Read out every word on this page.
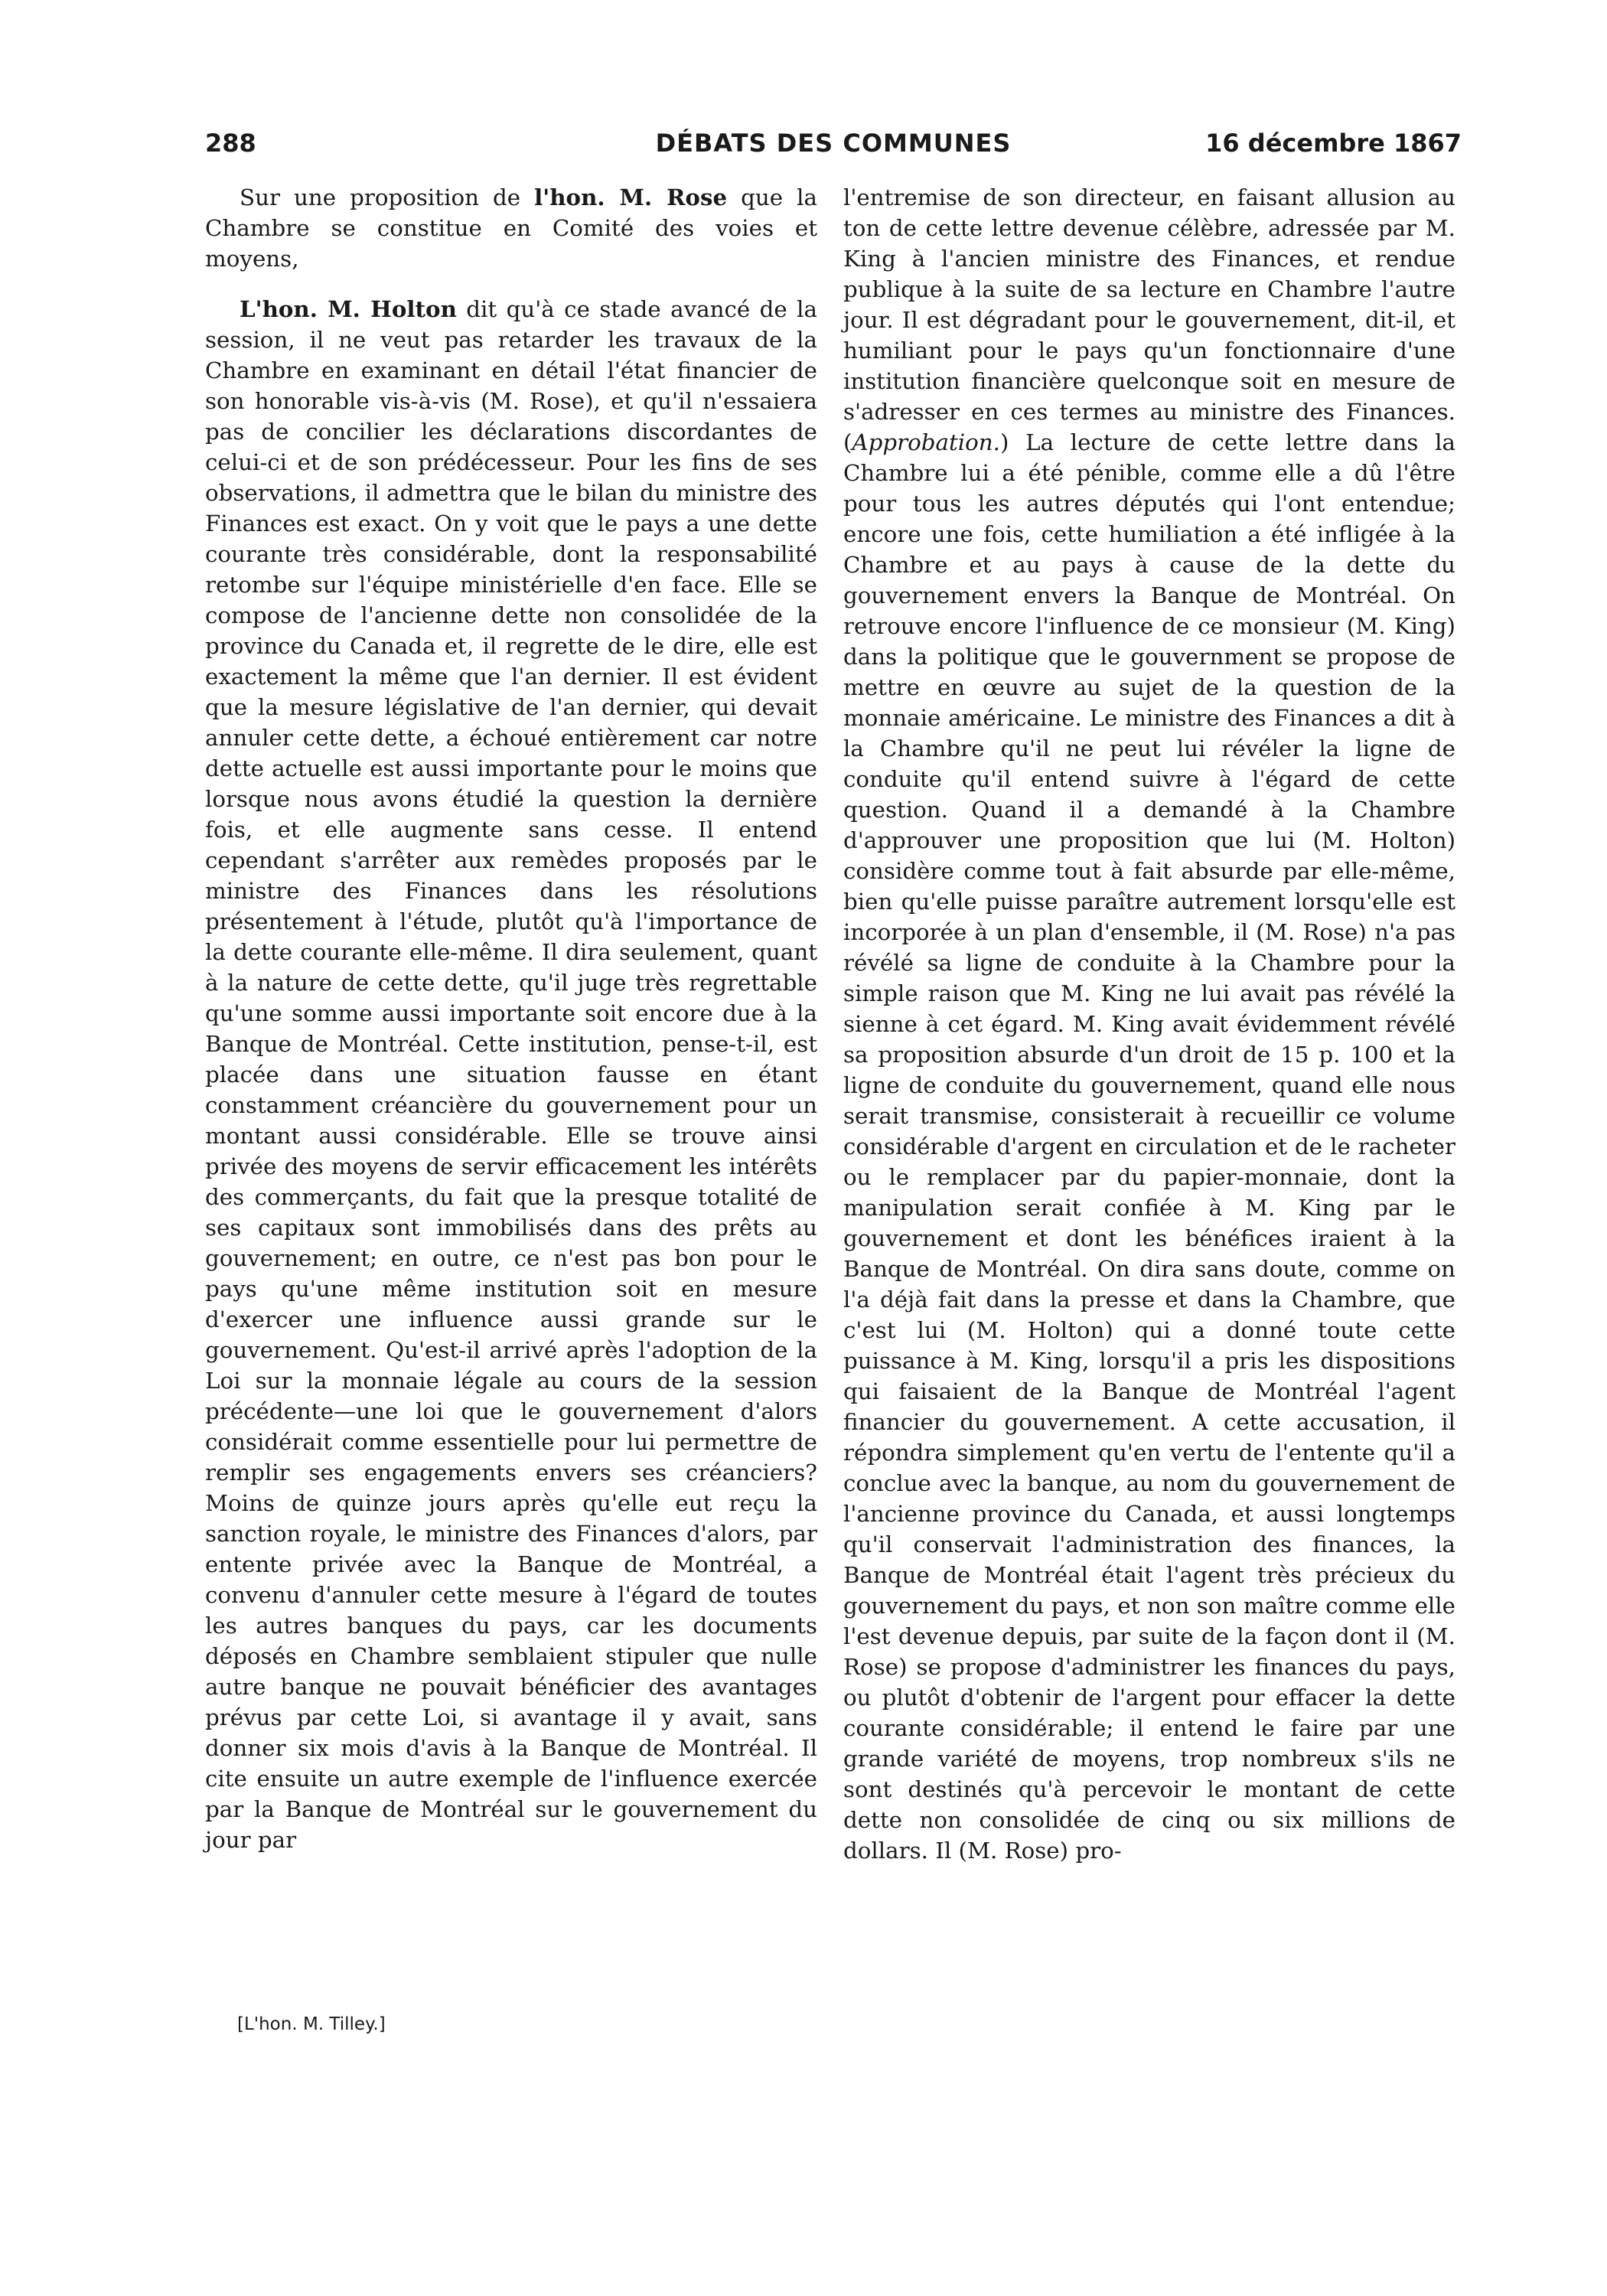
288	DÉBATS DES COMMUNES	16 décembre 1867

Sur une proposition de l'hon. M. Rose que la Chambre se constitue en Comité des voies et moyens,

L'hon. M. Holton dit qu'à ce stade avancé de la session, il ne veut pas retarder les travaux de la Chambre en examinant en détail l'état financier de son honorable vis-à-vis (M. Rose), et qu'il n'essaiera pas de concilier les déclarations discordantes de celui-ci et de son prédécesseur. Pour les fins de ses observations, il admettra que le bilan du ministre des Finances est exact. On y voit que le pays a une dette courante très considérable, dont la responsabilité retombe sur l'équipe ministérielle d'en face. Elle se compose de l'ancienne dette non consolidée de la province du Canada et, il regrette de le dire, elle est exactement la même que l'an dernier. Il est évident que la mesure législative de l'an dernier, qui devait annuler cette dette, a échoué entièrement car notre dette actuelle est aussi importante pour le moins que lorsque nous avons étudié la question la dernière fois, et elle augmente sans cesse. Il entend cependant s'arrêter aux remèdes proposés par le ministre des Finances dans les résolutions présentement à l'étude, plutôt qu'à l'importance de la dette courante elle-même. Il dira seulement, quant à la nature de cette dette, qu'il juge très regrettable qu'une somme aussi importante soit encore due à la Banque de Montréal. Cette institution, pense-t-il, est placée dans une situation fausse en étant constamment créancière du gouvernement pour un montant aussi considérable. Elle se trouve ainsi privée des moyens de servir efficacement les intérêts des commerçants, du fait que la presque totalité de ses capitaux sont immobilisés dans des prêts au gouvernement; en outre, ce n'est pas bon pour le pays qu'une même institution soit en mesure d'exercer une influence aussi grande sur le gouvernement. Qu'est-il arrivé après l'adoption de la Loi sur la monnaie légale au cours de la session précédente—une loi que le gouvernement d'alors considérait comme essentielle pour lui permettre de remplir ses engagements envers ses créanciers? Moins de quinze jours après qu'elle eut reçu la sanction royale, le ministre des Finances d'alors, par entente privée avec la Banque de Montréal, a convenu d'annuler cette mesure à l'égard de toutes les autres banques du pays, car les documents déposés en Chambre semblaient stipuler que nulle autre banque ne pouvait bénéficier des avantages prévus par cette Loi, si avantage il y avait, sans donner six mois d'avis à la Banque de Montréal. Il cite ensuite un autre exemple de l'influence exercée par la Banque de Montréal sur le gouvernement du jour par

l'entremise de son directeur, en faisant allusion au ton de cette lettre devenue célèbre, adressée par M. King à l'ancien ministre des Finances, et rendue publique à la suite de sa lecture en Chambre l'autre jour. Il est dégradant pour le gouvernement, dit-il, et humiliant pour le pays qu'un fonctionnaire d'une institution financière quelconque soit en mesure de s'adresser en ces termes au ministre des Finances. (Approbation.) La lecture de cette lettre dans la Chambre lui a été pénible, comme elle a dû l'être pour tous les autres députés qui l'ont entendue; encore une fois, cette humiliation a été infligée à la Chambre et au pays à cause de la dette du gouvernement envers la Banque de Montréal. On retrouve encore l'influence de ce monsieur (M. King) dans la politique que le gouvernment se propose de mettre en œuvre au sujet de la question de la monnaie américaine. Le ministre des Finances a dit à la Chambre qu'il ne peut lui révéler la ligne de conduite qu'il entend suivre à l'égard de cette question. Quand il a demandé à la Chambre d'approuver une proposition que lui (M. Holton) considère comme tout à fait absurde par elle-même, bien qu'elle puisse paraître autrement lorsqu'elle est incorporée à un plan d'ensemble, il (M. Rose) n'a pas révélé sa ligne de conduite à la Chambre pour la simple raison que M. King ne lui avait pas révélé la sienne à cet égard. M. King avait évidemment révélé sa proposition absurde d'un droit de 15 p. 100 et la ligne de conduite du gouvernement, quand elle nous serait transmise, consisterait à recueillir ce volume considérable d'argent en circulation et de le racheter ou le remplacer par du papier-monnaie, dont la manipulation serait confiée à M. King par le gouvernement et dont les bénéfices iraient à la Banque de Montréal. On dira sans doute, comme on l'a déjà fait dans la presse et dans la Chambre, que c'est lui (M. Holton) qui a donné toute cette puissance à M. King, lorsqu'il a pris les dispositions qui faisaient de la Banque de Montréal l'agent financier du gouvernement. A cette accusation, il répondra simplement qu'en vertu de l'entente qu'il a conclue avec la banque, au nom du gouvernement de l'ancienne province du Canada, et aussi longtemps qu'il conservait l'administration des finances, la Banque de Montréal était l'agent très précieux du gouvernement du pays, et non son maître comme elle l'est devenue depuis, par suite de la façon dont il (M. Rose) se propose d'administrer les finances du pays, ou plutôt d'obtenir de l'argent pour effacer la dette courante considérable; il entend le faire par une grande variété de moyens, trop nombreux s'ils ne sont destinés qu'à percevoir le montant de cette dette non consolidée de cinq ou six millions de dollars. Il (M. Rose) pro-

[L'hon. M. Tilley.]
